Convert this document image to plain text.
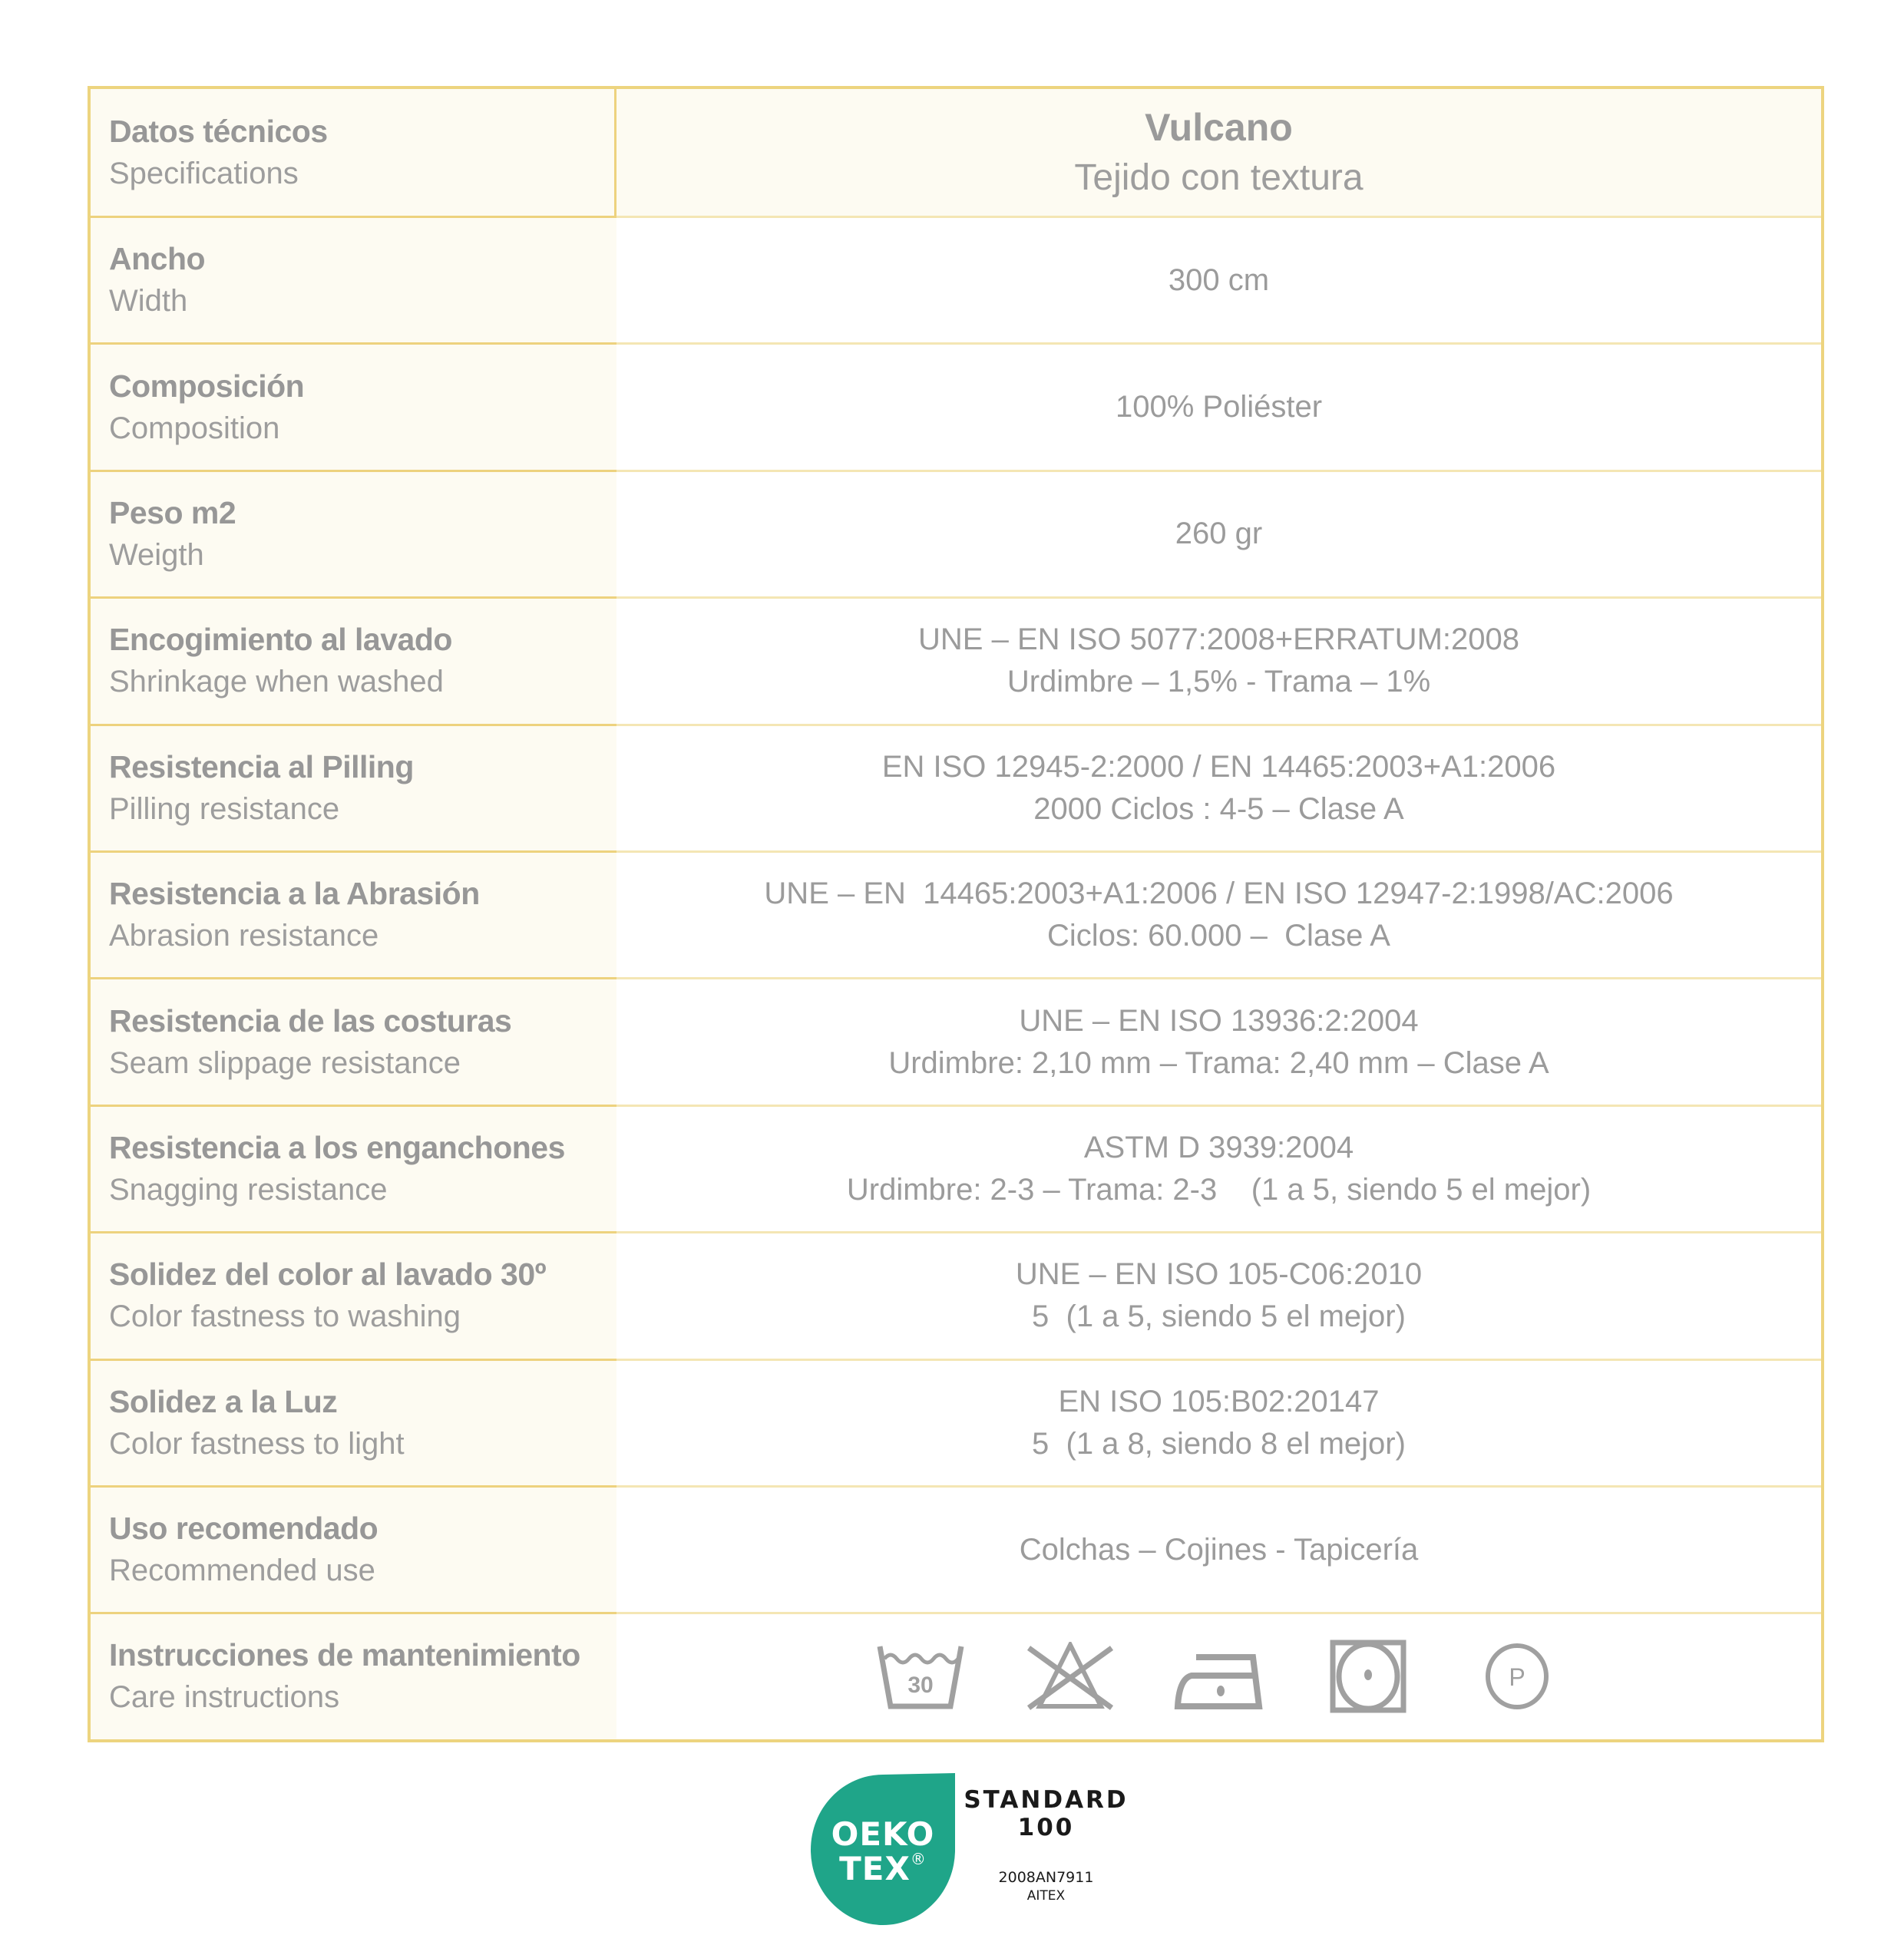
Datos técnicos
Specifications
Vulcano
Tejido con textura
Ancho
Width
300 cm
Composición
Composition
100% Poliéster
Peso m2
Weigth
260 gr
Encogimiento al lavado
Shrinkage when washed
UNE – EN ISO 5077:2008+ERRATUM:2008
Urdimbre – 1,5% - Trama – 1%
Resistencia al Pilling
Pilling resistance
EN ISO 12945-2:2000 / EN 14465:2003+A1:2006
2000 Ciclos : 4-5 – Clase A
Resistencia a la Abrasión
Abrasion resistance
UNE – EN  14465:2003+A1:2006 / EN ISO 12947-2:1998/AC:2006
Ciclos: 60.000 –  Clase A
Resistencia de las costuras
Seam slippage resistance
UNE – EN ISO 13936:2:2004
Urdimbre: 2,10 mm – Trama: 2,40 mm – Clase A
Resistencia a los enganchones
Snagging resistance
ASTM D 3939:2004
Urdimbre: 2-3 – Trama: 2-3    (1 a 5, siendo 5 el mejor)
Solidez del color al lavado 30º
Color fastness to washing
UNE – EN ISO 105-C06:2010
5  (1 a 5, siendo 5 el mejor)
Solidez a la Luz
Color fastness to light
EN ISO 105:B02:20147
5  (1 a 8, siendo 8 el mejor)
Uso recomendado
Recommended use
Colchas – Cojines - Tapicería
Instrucciones de mantenimiento
Care instructions	30	P
OEKO
TEX®
STANDARD
100
2008AN7911
AITEX
